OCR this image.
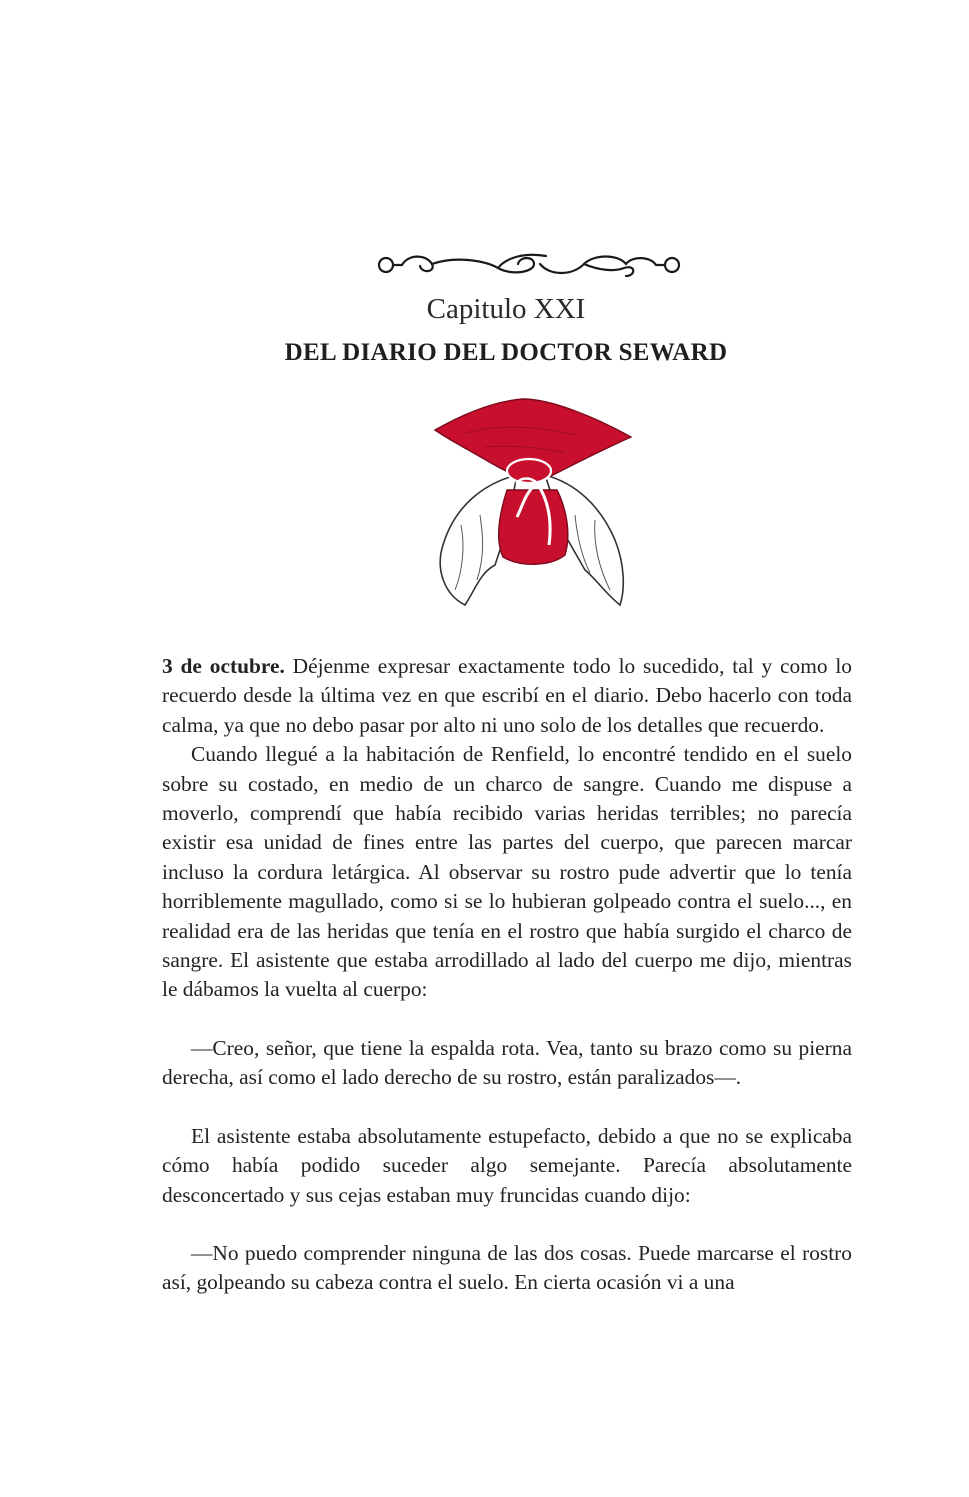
Capitulo XXI
DEL DIARIO DEL DOCTOR SEWARD

3 de octubre. Déjenme expresar exactamente todo lo sucedido, tal y como lo recuerdo desde la última vez en que escribí en el diario. Debo hacerlo con toda calma, ya que no debo pasar por alto ni uno solo de los detalles que recuerdo.

Cuando llegué a la habitación de Renfield, lo encontré tendido en el suelo sobre su costado, en medio de un charco de sangre. Cuando me dispuse a moverlo, comprendí que había recibido varias heridas terribles; no parecía existir esa unidad de fines entre las partes del cuerpo, que parecen marcar incluso la cordura letárgica. Al observar su rostro pude advertir que lo tenía horriblemente magullado, como si se lo hubieran golpeado contra el suelo..., en realidad era de las heridas que tenía en el rostro que había surgido el charco de sangre. El asistente que estaba arrodillado al lado del cuerpo me dijo, mientras le dábamos la vuelta al cuerpo:

—Creo, señor, que tiene la espalda rota. Vea, tanto su brazo como su pierna derecha, así como el lado derecho de su rostro, están paralizados—.

El asistente estaba absolutamente estupefacto, debido a que no se explicaba cómo había podido suceder algo semejante. Parecía absolutamente desconcertado y sus cejas estaban muy fruncidas cuando dijo:

—No puedo comprender ninguna de las dos cosas. Puede marcarse el rostro así, golpeando su cabeza contra el suelo. En cierta ocasión vi a una
